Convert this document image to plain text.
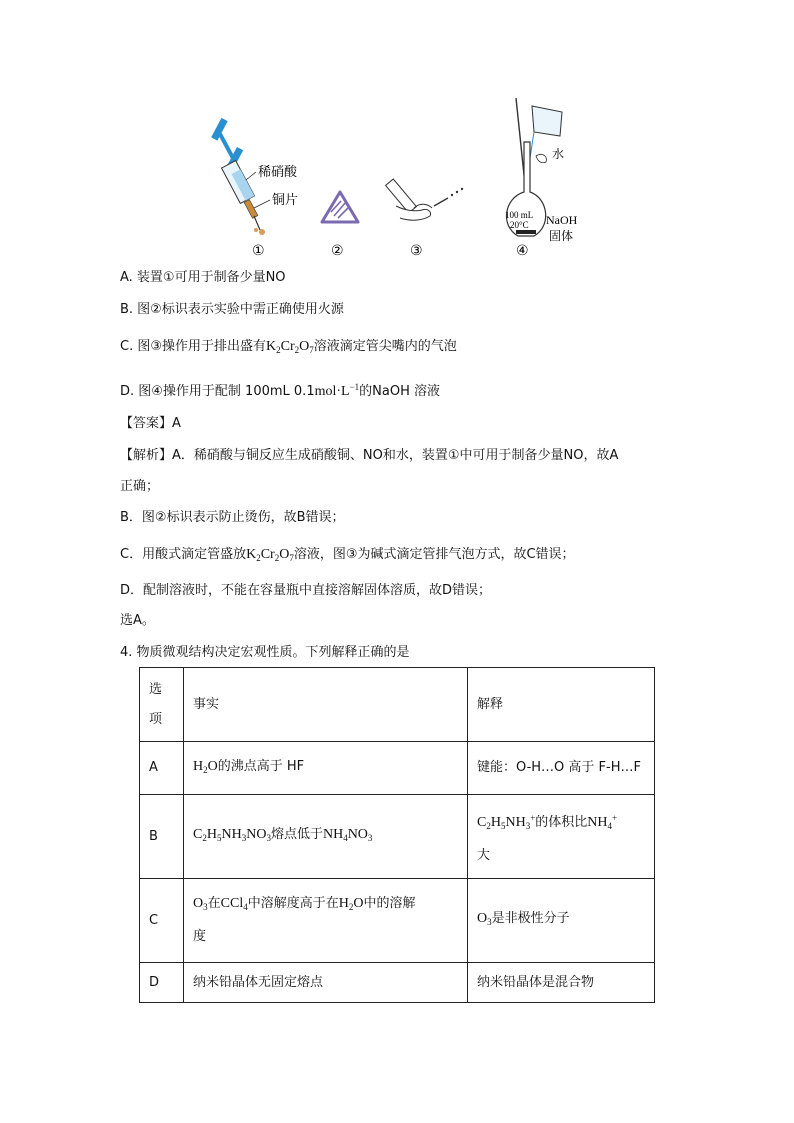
稀硝酸
铜片
①	②	③
水
100 mL
20°C NaOH
固体
④
A. 装置①可用于制备少量NO
B. 图②标识表示实验中需正确使用火源
C. 图③操作用于排出盛有$K_2Cr_2O_7$溶液滴定管尖嘴内的气泡
D. 图④操作用于配制 100mL $0.1mol\cdot L^{-1}$的NaOH 溶液
【答案】A
【解析】A．稀硝酸与铜反应生成硝酸铜、NO和水，装置①中可用于制备少量NO，故A
正确；
B．图②标识表示防止烫伤，故B错误；
C．用酸式滴定管盛放$K_2Cr_2O_7$溶液，图③为碱式滴定管排气泡方式，故C错误；
D．配制溶液时，不能在容量瓶中直接溶解固体溶质，故D错误；
选A。
4. 物质微观结构决定宏观性质。下列解释正确的是
选
项	事实	解释
A	$H_2O$的沸点高于 HF	键能：O-H…O 高于 F-H…F
B	$C_2H_5NH_3NO_3$熔点低于$NH_4NO_3$	$C_2H_5NH_3^+$的体积比$NH_4^+$
大
C	$O_3$在CCl$_4$中溶解度高于在$H_2O$中的溶解
度	$O_3$是非极性分子
D	纳米铅晶体无固定熔点	纳米铅晶体是混合物
